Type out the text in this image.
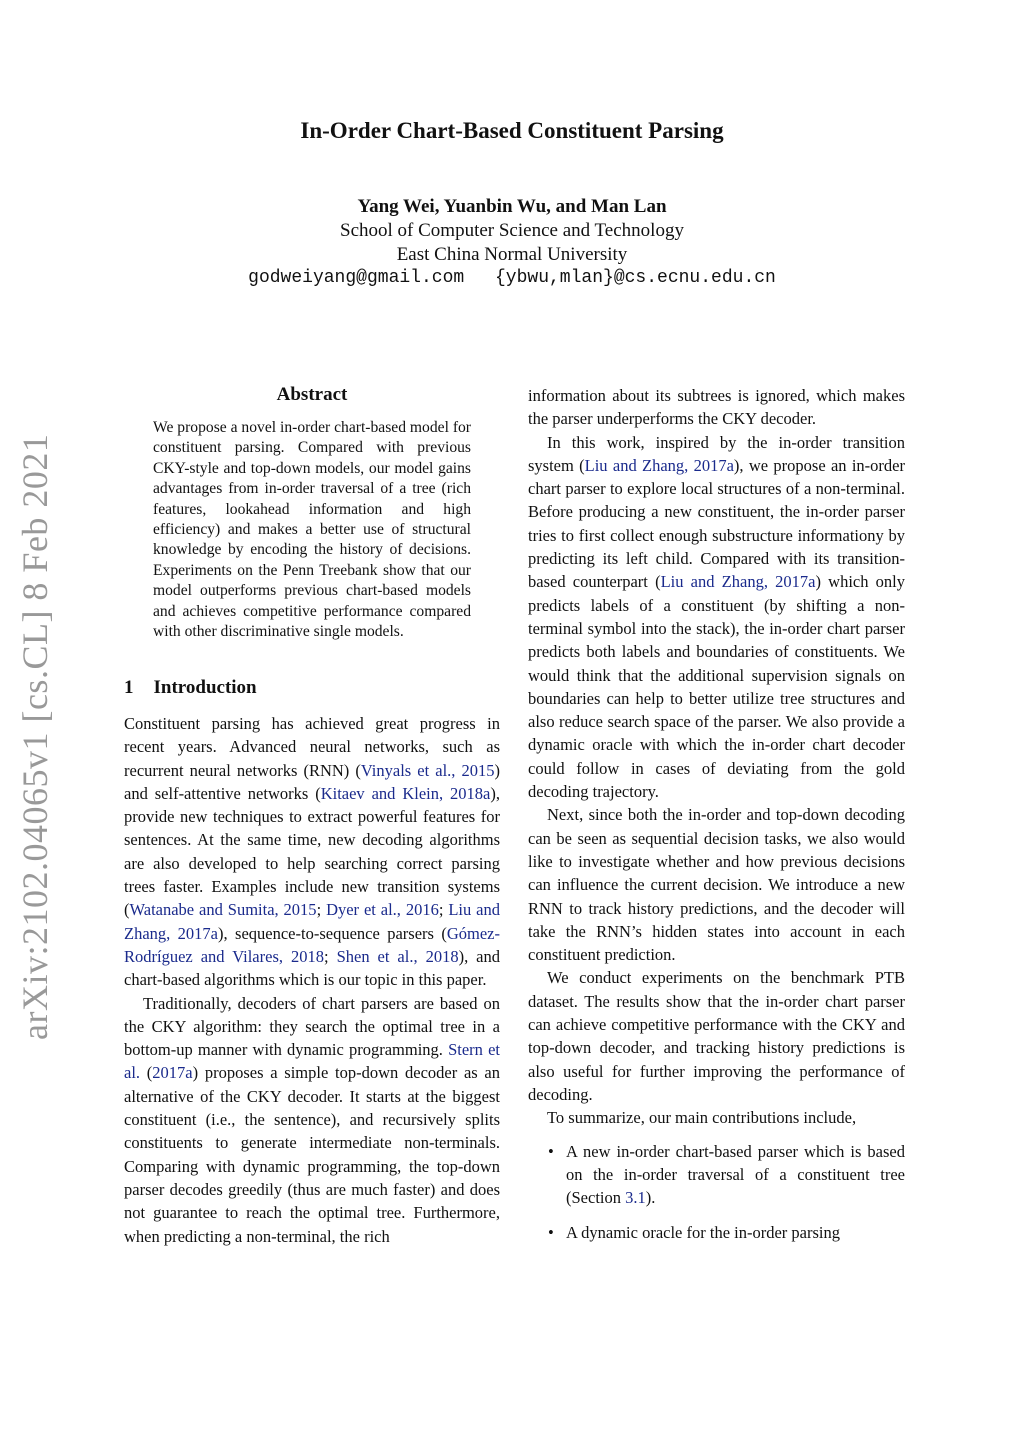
arXiv:2102.04065v1 [cs.CL] 8 Feb 2021
In-Order Chart-Based Constituent Parsing
Yang Wei, Yuanbin Wu, and Man Lan
School of Computer Science and Technology
East China Normal University
godweiyang@gmail.com {ybwu,mlan}@cs.ecnu.edu.cn
Abstract
We propose a novel in-order chart-based model for constituent parsing. Compared with previous CKY-style and top-down models, our model gains advantages from in-order traversal of a tree (rich features, lookahead information and high efficiency) and makes a better use of structural knowledge by encoding the history of decisions. Experiments on the Penn Treebank show that our model outperforms previous chart-based models and achieves competitive performance compared with other discriminative single models.
1 Introduction

Constituent parsing has achieved great progress in recent years. Advanced neural networks, such as recurrent neural networks (RNN) (Vinyals et al., 2015) and self-attentive networks (Kitaev and Klein, 2018a), provide new techniques to extract powerful features for sentences. At the same time, new decoding algorithms are also developed to help searching correct parsing trees faster. Examples include new transition systems (Watanabe and Sumita, 2015; Dyer et al., 2016; Liu and Zhang, 2017a), sequence-to-sequence parsers (Gómez-Rodríguez and Vilares, 2018; Shen et al., 2018), and chart-based algorithms which is our topic in this paper.

Traditionally, decoders of chart parsers are based on the CKY algorithm: they search the optimal tree in a bottom-up manner with dynamic programming. Stern et al. (2017a) proposes a simple top-down decoder as an alternative of the CKY decoder. It starts at the biggest constituent (i.e., the sentence), and recursively splits constituents to generate intermediate non-terminals. Comparing with dynamic programming, the top-down parser decodes greedily (thus are much faster) and does not guarantee to reach the optimal tree. Furthermore, when predicting a non-terminal, the rich

information about its subtrees is ignored, which makes the parser underperforms the CKY decoder.

In this work, inspired by the in-order transition system (Liu and Zhang, 2017a), we propose an in-order chart parser to explore local structures of a non-terminal. Before producing a new constituent, the in-order parser tries to first collect enough substructure informationy by predicting its left child. Compared with its transition-based counterpart (Liu and Zhang, 2017a) which only predicts labels of a constituent (by shifting a non-terminal symbol into the stack), the in-order chart parser predicts both labels and boundaries of constituents. We would think that the additional supervision signals on boundaries can help to better utilize tree structures and also reduce search space of the parser. We also provide a dynamic oracle with which the in-order chart decoder could follow in cases of deviating from the gold decoding trajectory.

Next, since both the in-order and top-down decoding can be seen as sequential decision tasks, we also would like to investigate whether and how previous decisions can influence the current decision. We introduce a new RNN to track history predictions, and the decoder will take the RNN’s hidden states into account in each constituent prediction.

We conduct experiments on the benchmark PTB dataset. The results show that the in-order chart parser can achieve competitive performance with the CKY and top-down decoder, and tracking history predictions is also useful for further improving the performance of decoding.

To summarize, our main contributions include,

• A new in-order chart-based parser which is based on the in-order traversal of a constituent tree (Section 3.1).
• A dynamic oracle for the in-order parsing
